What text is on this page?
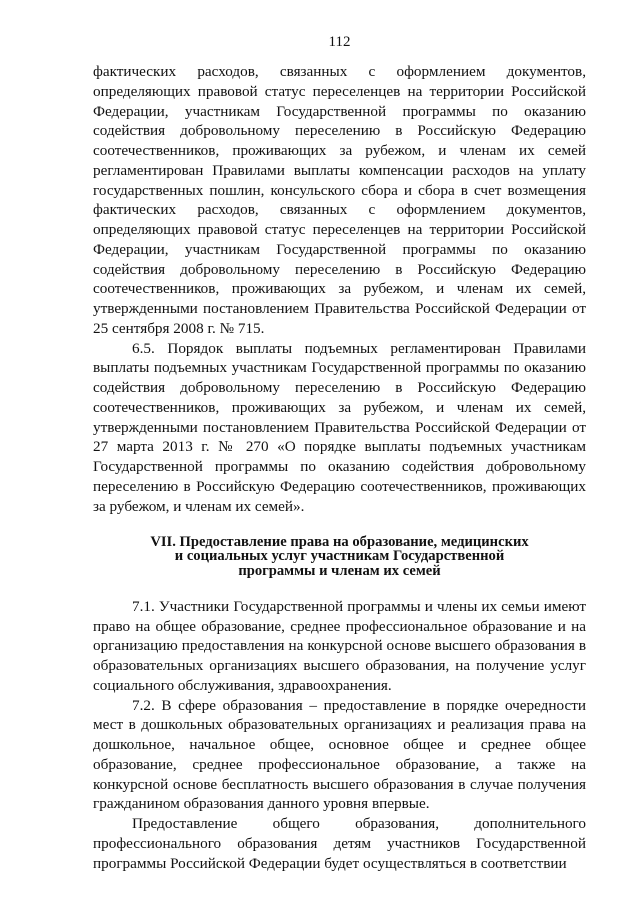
112

фактических расходов, связанных с оформлением документов, определяющих правовой статус переселенцев на территории Российской Федерации, участникам Государственной программы по оказанию содействия добровольному переселению в Российскую Федерацию соотечественников, проживающих за рубежом, и членам их семей регламентирован Правилами выплаты компенсации расходов на уплату государственных пошлин, консульского сбора и сбора в счет возмещения фактических расходов, связанных с оформлением документов, определяющих правовой статус переселенцев на территории Российской Федерации, участникам Государственной программы по оказанию содействия добровольному переселению в Российскую Федерацию соотечественников, проживающих за рубежом, и членам их семей, утвержденными постановлением Правительства Российской Федерации от 25 сентября 2008 г. № 715.

6.5. Порядок выплаты подъемных регламентирован Правилами выплаты подъемных участникам Государственной программы по оказанию содействия добровольному переселению в Российскую Федерацию соотечественников, проживающих за рубежом, и членам их семей, утвержденными постановлением Правительства Российской Федерации от 27 марта 2013 г. № 270 «О порядке выплаты подъемных участникам Государственной программы по оказанию содействия добровольному переселению в Российскую Федерацию соотечественников, проживающих за рубежом, и членам их семей».

VII. Предоставление права на образование, медицинских
и социальных услуг участникам Государственной
программы и членам их семей

7.1. Участники Государственной программы и члены их семьи имеют право на общее образование, среднее профессиональное образование и на организацию предоставления на конкурсной основе высшего образования в образовательных организациях высшего образования, на получение услуг социального обслуживания, здравоохранения.

7.2. В сфере образования – предоставление в порядке очередности мест в дошкольных образовательных организациях и реализация права на дошкольное, начальное общее, основное общее и среднее общее образование, среднее профессиональное образование, а также на конкурсной основе бесплатность высшего образования в случае получения гражданином образования данного уровня впервые.

Предоставление общего образования, дополнительного профессионального образования детям участников Государственной программы Российской Федерации будет осуществляться в соответствии
